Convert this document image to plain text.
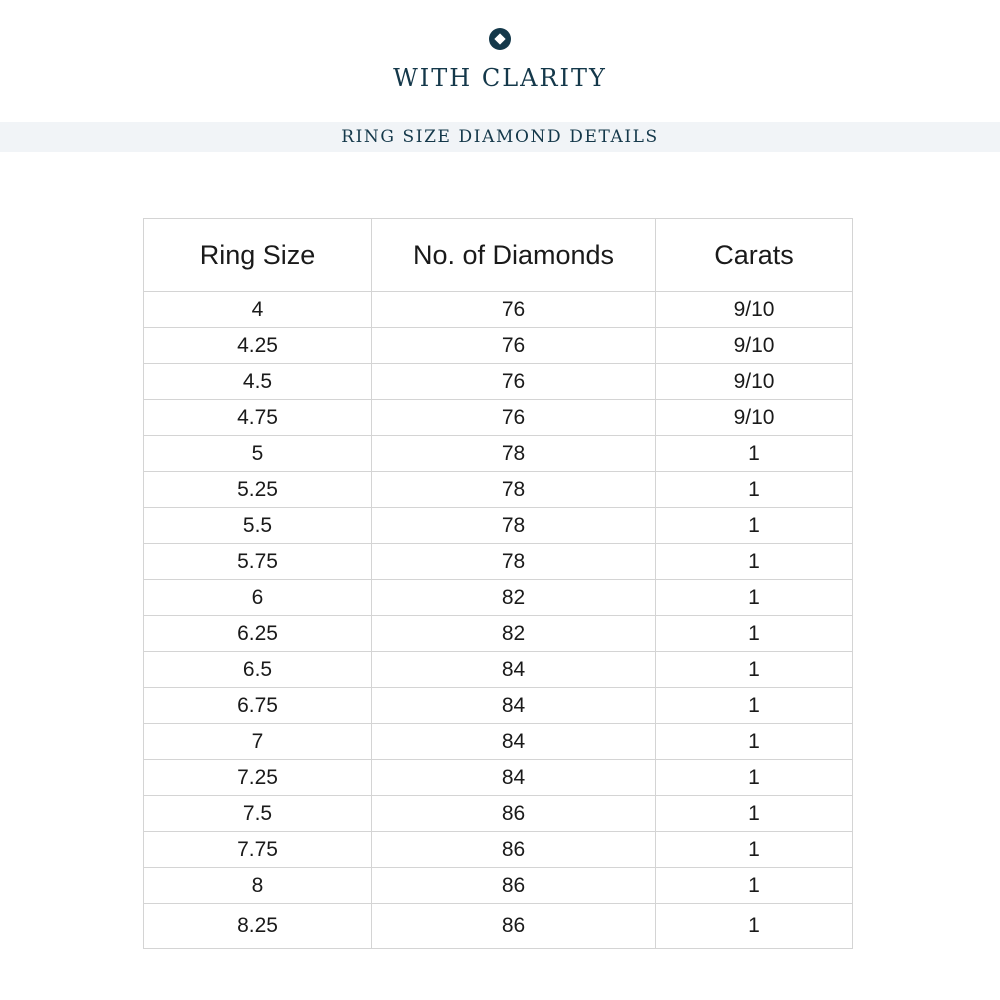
WITH CLARITY
RING SIZE DIAMOND DETAILS
Ring Size	No. of Diamonds	Carats
4	76	9/10
4.25	76	9/10
4.5	76	9/10
4.75	76	9/10
5	78	1
5.25	78	1
5.5	78	1
5.75	78	1
6	82	1
6.25	82	1
6.5	84	1
6.75	84	1
7	84	1
7.25	84	1
7.5	86	1
7.75	86	1
8	86	1
8.25	86	1
